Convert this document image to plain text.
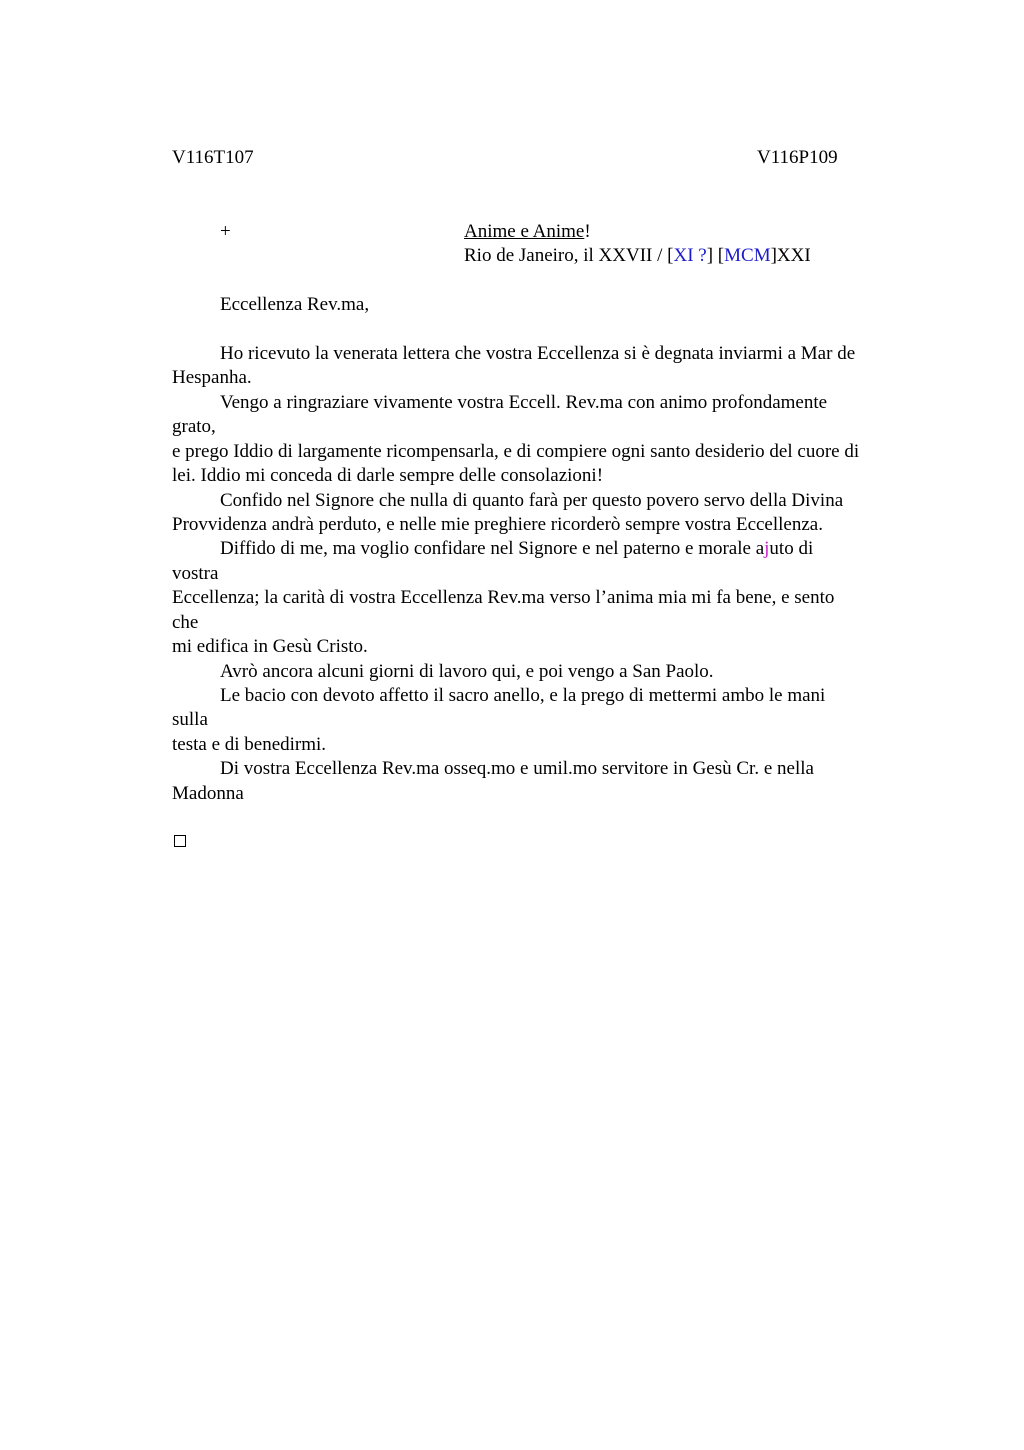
V116T107	V116P109
+	Anime e Anime!
Rio de Janeiro, il XXVII / [XI ?] [MCM]XXI
Eccellenza Rev.ma,
Ho ricevuto la venerata lettera che vostra Eccellenza si è degnata inviarmi a Mar de
Hespanha.
Vengo a ringraziare vivamente vostra Eccell. Rev.ma con animo profondamente
grato,
e prego Iddio di largamente ricompensarla, e di compiere ogni santo desiderio del cuore di
lei. Iddio mi conceda di darle sempre delle consolazioni!
Confido nel Signore che nulla di quanto farà per questo povero servo della Divina
Provvidenza andrà perduto, e nelle mie preghiere ricorderò sempre vostra Eccellenza.
Diffido di me, ma voglio confidare nel Signore e nel paterno e morale ajuto di
vostra
Eccellenza; la carità di vostra Eccellenza Rev.ma verso l’anima mia mi fa bene, e sento
che
mi edifica in Gesù Cristo.
Avrò ancora alcuni giorni di lavoro qui, e poi vengo a San Paolo.
Le bacio con devoto affetto il sacro anello, e la prego di mettermi ambo le mani
sulla
testa e di benedirmi.
Di vostra Eccellenza Rev.ma osseq.mo e umil.mo servitore in Gesù Cr. e nella
Madonna
